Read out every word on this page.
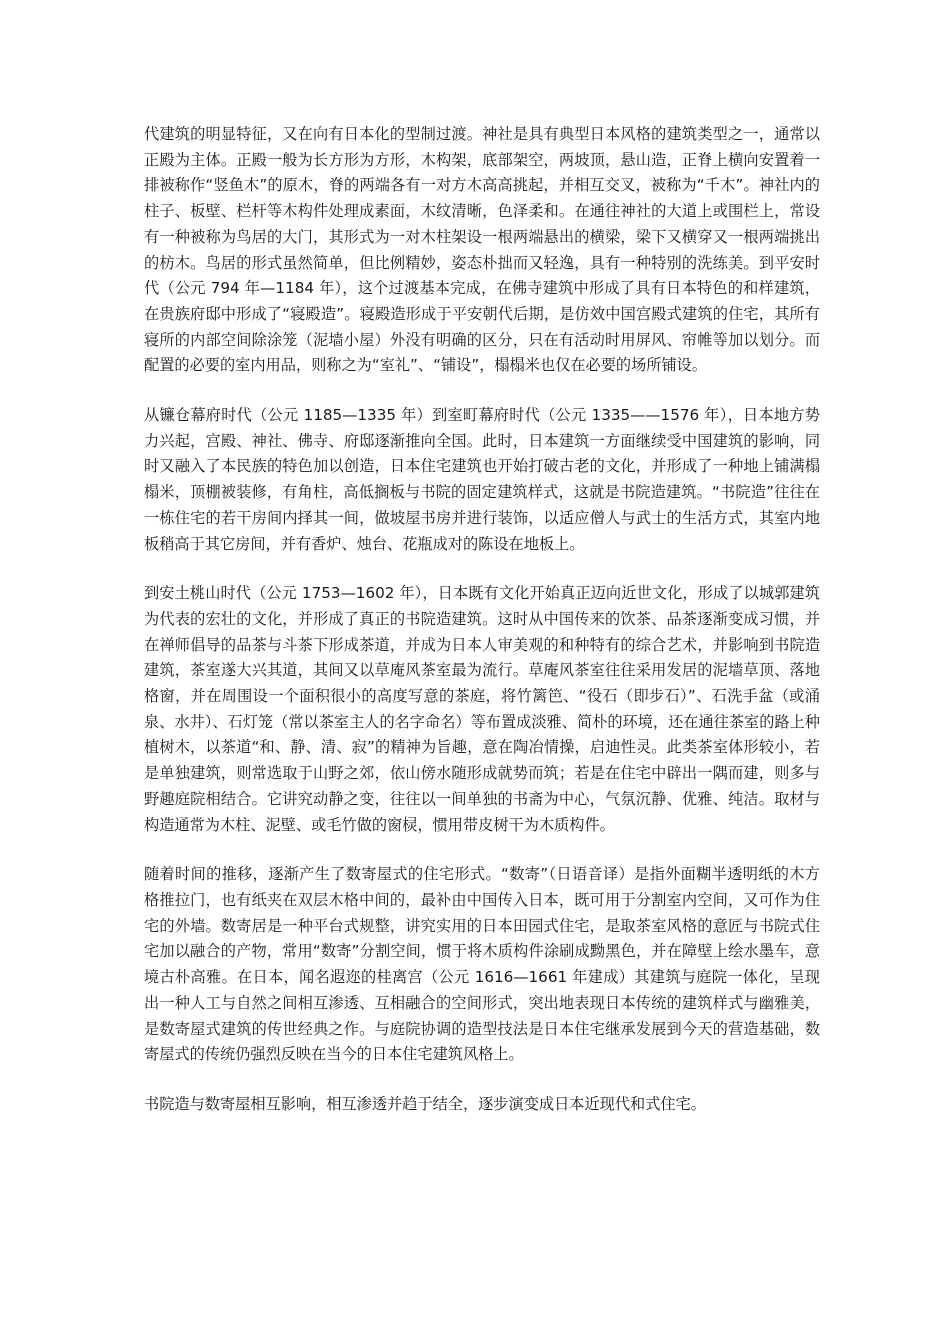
代建筑的明显特征，又在向有日本化的型制过渡。神社是具有典型日本风格的建筑类型之一，通常以正殿为主体。正殿一般为长方形为方形，木构架，底部架空，两坡顶，悬山造，正脊上横向安置着一排被称作“竖鱼木”的原木，脊的两端各有一对方木高高挑起，并相互交叉，被称为“千木”。神社内的柱子、板壁、栏杆等木构件处理成素面，木纹清晰，色泽柔和。在通往神社的大道上或围栏上，常设有一种被称为鸟居的大门，其形式为一对木柱架设一根两端悬出的横梁，梁下又横穿又一根两端挑出的枋木。鸟居的形式虽然简单，但比例精妙，姿态朴拙而又轻逸，具有一种特别的洗练美。到平安时代（公元 794 年—1184 年），这个过渡基本完成，在佛寺建筑中形成了具有日本特色的和样建筑，在贵族府邸中形成了“寝殿造”。寝殿造形成于平安朝代后期，是仿效中国宫殿式建筑的住宅，其所有寝所的内部空间除涂笼（泥墙小屋）外没有明确的区分，只在有活动时用屏风、帘帷等加以划分。而配置的必要的室内用品，则称之为“室礼”、“铺设”，榻榻米也仅在必要的场所铺设。

从镰仓幕府时代（公元 1185—1335 年）到室町幕府时代（公元 1335——1576 年），日本地方势力兴起，宫殿、神社、佛寺、府邸逐渐推向全国。此时，日本建筑一方面继续受中国建筑的影响，同时又融入了本民族的特色加以创造，日本住宅建筑也开始打破古老的文化，并形成了一种地上铺满榻榻米，顶棚被装修，有角柱，高低搁板与书院的固定建筑样式，这就是书院造建筑。“书院造”往往在一栋住宅的若干房间内择其一间，做坡屋书房并进行装饰，以适应僧人与武士的生活方式，其室内地板稍高于其它房间，并有香炉、烛台、花瓶成对的陈设在地板上。

到安土桃山时代（公元 1753—1602 年），日本既有文化开始真正迈向近世文化，形成了以城郭建筑为代表的宏壮的文化，并形成了真正的书院造建筑。这时从中国传来的饮茶、品茶逐渐变成习惯，并在禅师倡导的品茶与斗茶下形成茶道，并成为日本人审美观的和种特有的综合艺术，并影响到书院造建筑，茶室遂大兴其道，其间又以草庵风茶室最为流行。草庵风茶室往往采用发居的泥墙草顶、落地格窗，并在周围设一个面积很小的高度写意的茶庭，将竹篱笆、“役石（即步石）”、石洗手盆（或涌泉、水井）、石灯笼（常以茶室主人的名字命名）等布置成淡雅、简朴的环境，还在通往茶室的路上种植树木，以茶道“和、静、清、寂”的精神为旨趣，意在陶冶情操，启迪性灵。此类茶室体形较小，若是单独建筑，则常选取于山野之郊，依山傍水随形成就势而筑；若是在住宅中辟出一隅而建，则多与野趣庭院相结合。它讲究动静之变，往往以一间单独的书斋为中心，气氛沉静、优雅、纯洁。取材与构造通常为木柱、泥壁、或毛竹做的窗棂，惯用带皮树干为木质构件。

随着时间的推移，逐渐产生了数寄屋式的住宅形式。“数寄”（日语音译）是指外面糊半透明纸的木方格推拉门，也有纸夹在双层木格中间的，最补由中国传入日本，既可用于分割室内空间，又可作为住宅的外墙。数寄居是一种平台式规整，讲究实用的日本田园式住宅，是取茶室风格的意匠与书院式住宅加以融合的产物，常用“数寄”分割空间，惯于将木质构件涂刷成黝黑色，并在障壁上绘水墨车，意境古朴高雅。在日本，闻名遐迩的桂离宫（公元 1616—1661 年建成）其建筑与庭院一体化，呈现出一种人工与自然之间相互渗透、互相融合的空间形式，突出地表现日本传统的建筑样式与幽雅美，是数寄屋式建筑的传世经典之作。与庭院协调的造型技法是日本住宅继承发展到今天的营造基础，数寄屋式的传统仍强烈反映在当今的日本住宅建筑风格上。

书院造与数寄屋相互影响，相互渗透并趋于结全，逐步演变成日本近现代和式住宅。
